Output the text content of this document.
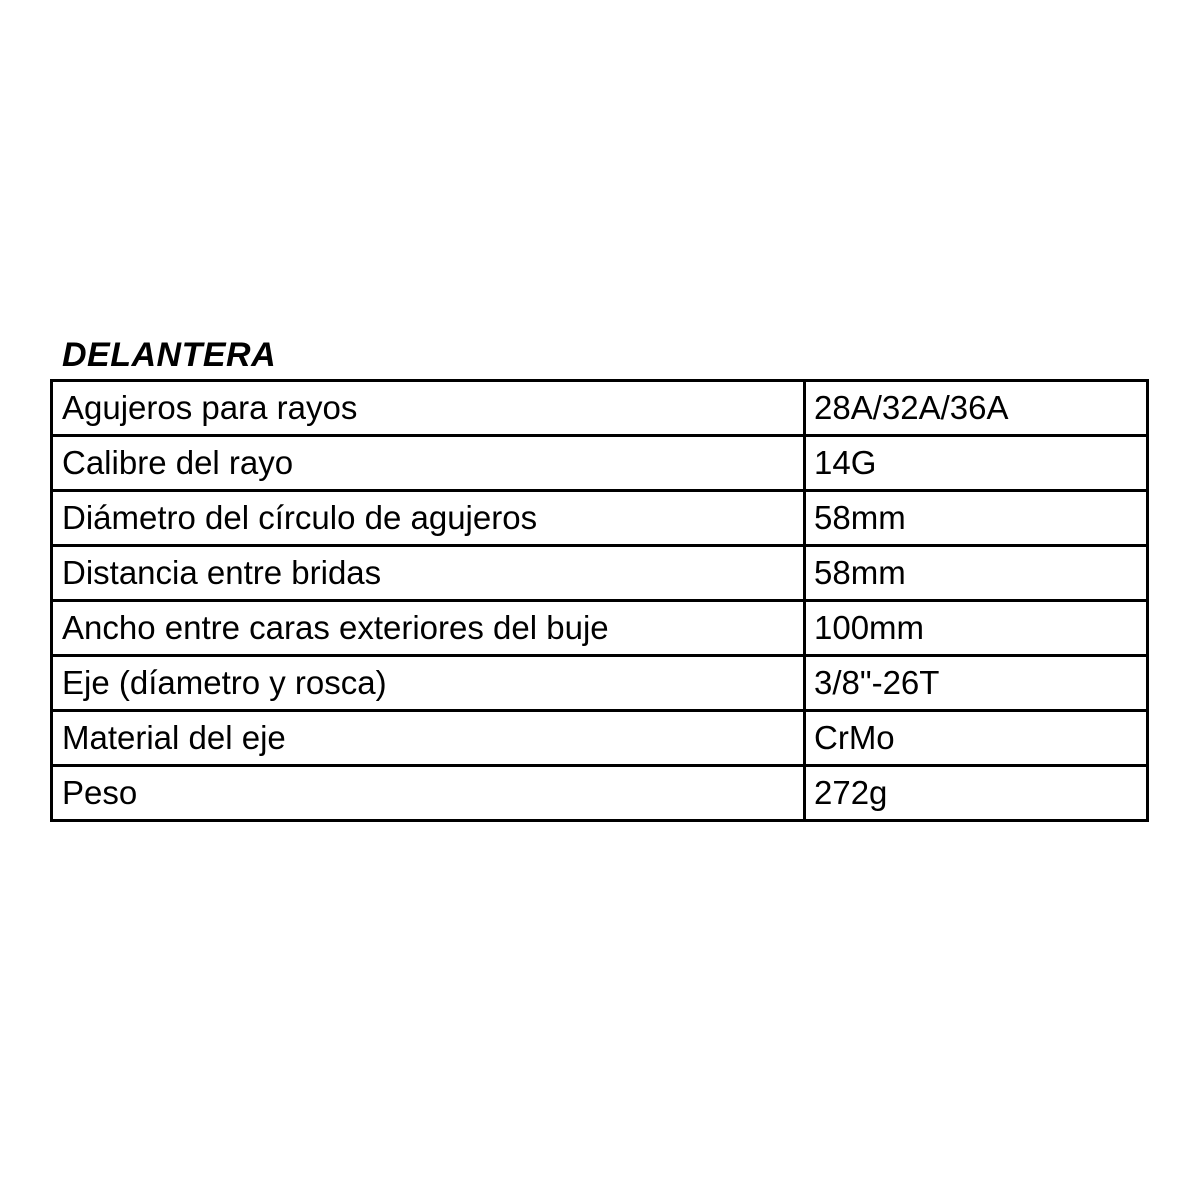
DELANTERA
Agujeros para rayos	28A/32A/36A
Calibre del rayo	14G
Diámetro del círculo de agujeros	58mm
Distancia entre bridas	58mm
Ancho entre caras exteriores del buje	100mm
Eje (díametro y rosca)	3/8"-26T
Material del eje	CrMo
Peso	272g
